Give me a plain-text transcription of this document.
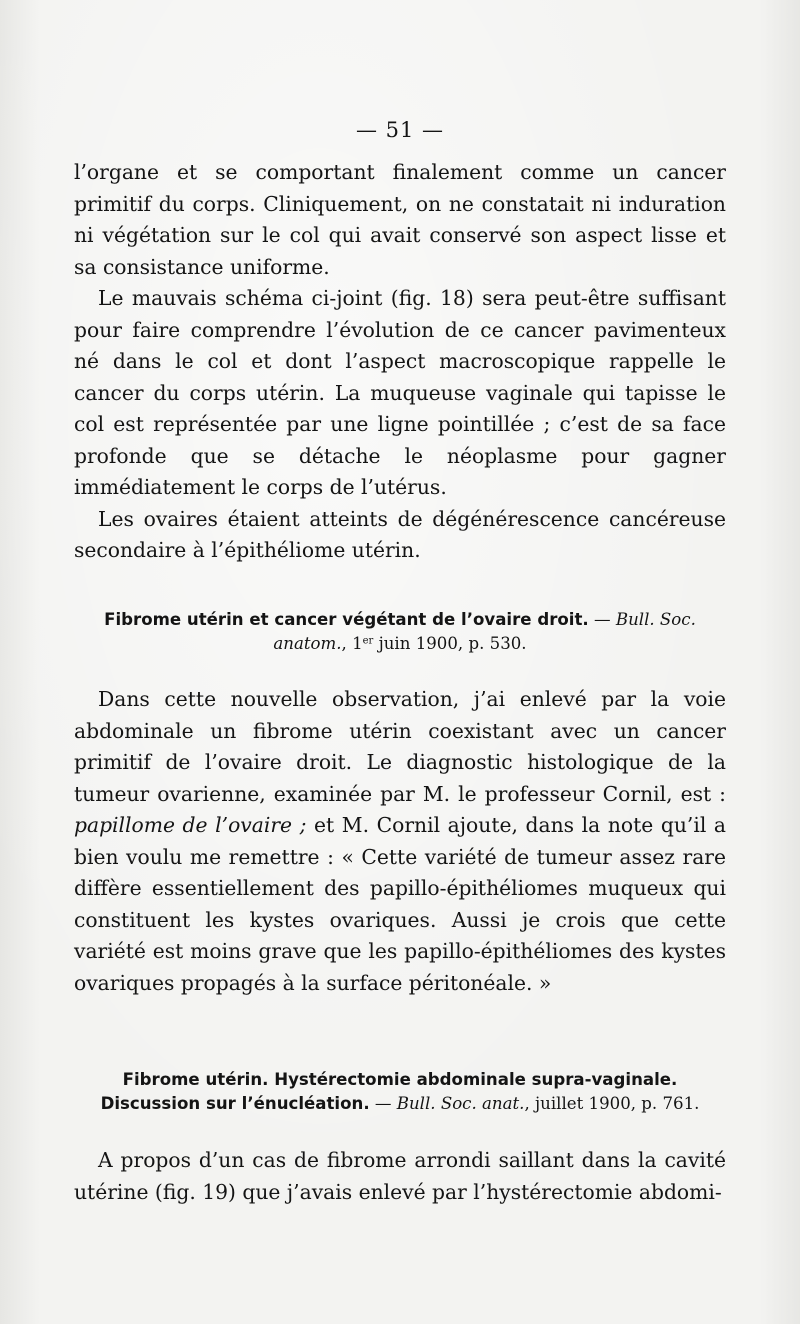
— 51 —

l’organe et se comportant finalement comme un cancer primitif du corps. Cliniquement, on ne constatait ni induration ni végétation sur le col qui avait conservé son aspect lisse et sa consistance uniforme.

Le mauvais schéma ci-joint (fig. 18) sera peut-être suffisant pour faire comprendre l’évolution de ce cancer pavimenteux né dans le col et dont l’aspect macroscopique rappelle le cancer du corps utérin. La muqueuse vaginale qui tapisse le col est représentée par une ligne pointillée ; c’est de sa face profonde que se détache le néoplasme pour gagner immédiatement le corps de l’utérus.

Les ovaires étaient atteints de dégénérescence cancéreuse secondaire à l’épithéliome utérin.

Fibrome utérin et cancer végétant de l’ovaire droit. — Bull. Soc.
anatom., 1er juin 1900, p. 530.

Dans cette nouvelle observation, j’ai enlevé par la voie abdominale un fibrome utérin coexistant avec un cancer primitif de l’ovaire droit. Le diagnostic histologique de la tumeur ovarienne, examinée par M. le professeur Cornil, est : papillome de l’ovaire ; et M. Cornil ajoute, dans la note qu’il a bien voulu me remettre : « Cette variété de tumeur assez rare diffère essentiellement des papillo-épithéliomes muqueux qui constituent les kystes ovariques. Aussi je crois que cette variété est moins grave que les papillo-épithéliomes des kystes ovariques propagés à la surface péritonéale. »

Fibrome utérin. Hystérectomie abdominale supra-vaginale.
Discussion sur l’énucléation. — Bull. Soc. anat., juillet 1900, p. 761.

A propos d’un cas de fibrome arrondi saillant dans la cavité utérine (fig. 19) que j’avais enlevé par l’hystérectomie abdomi-
